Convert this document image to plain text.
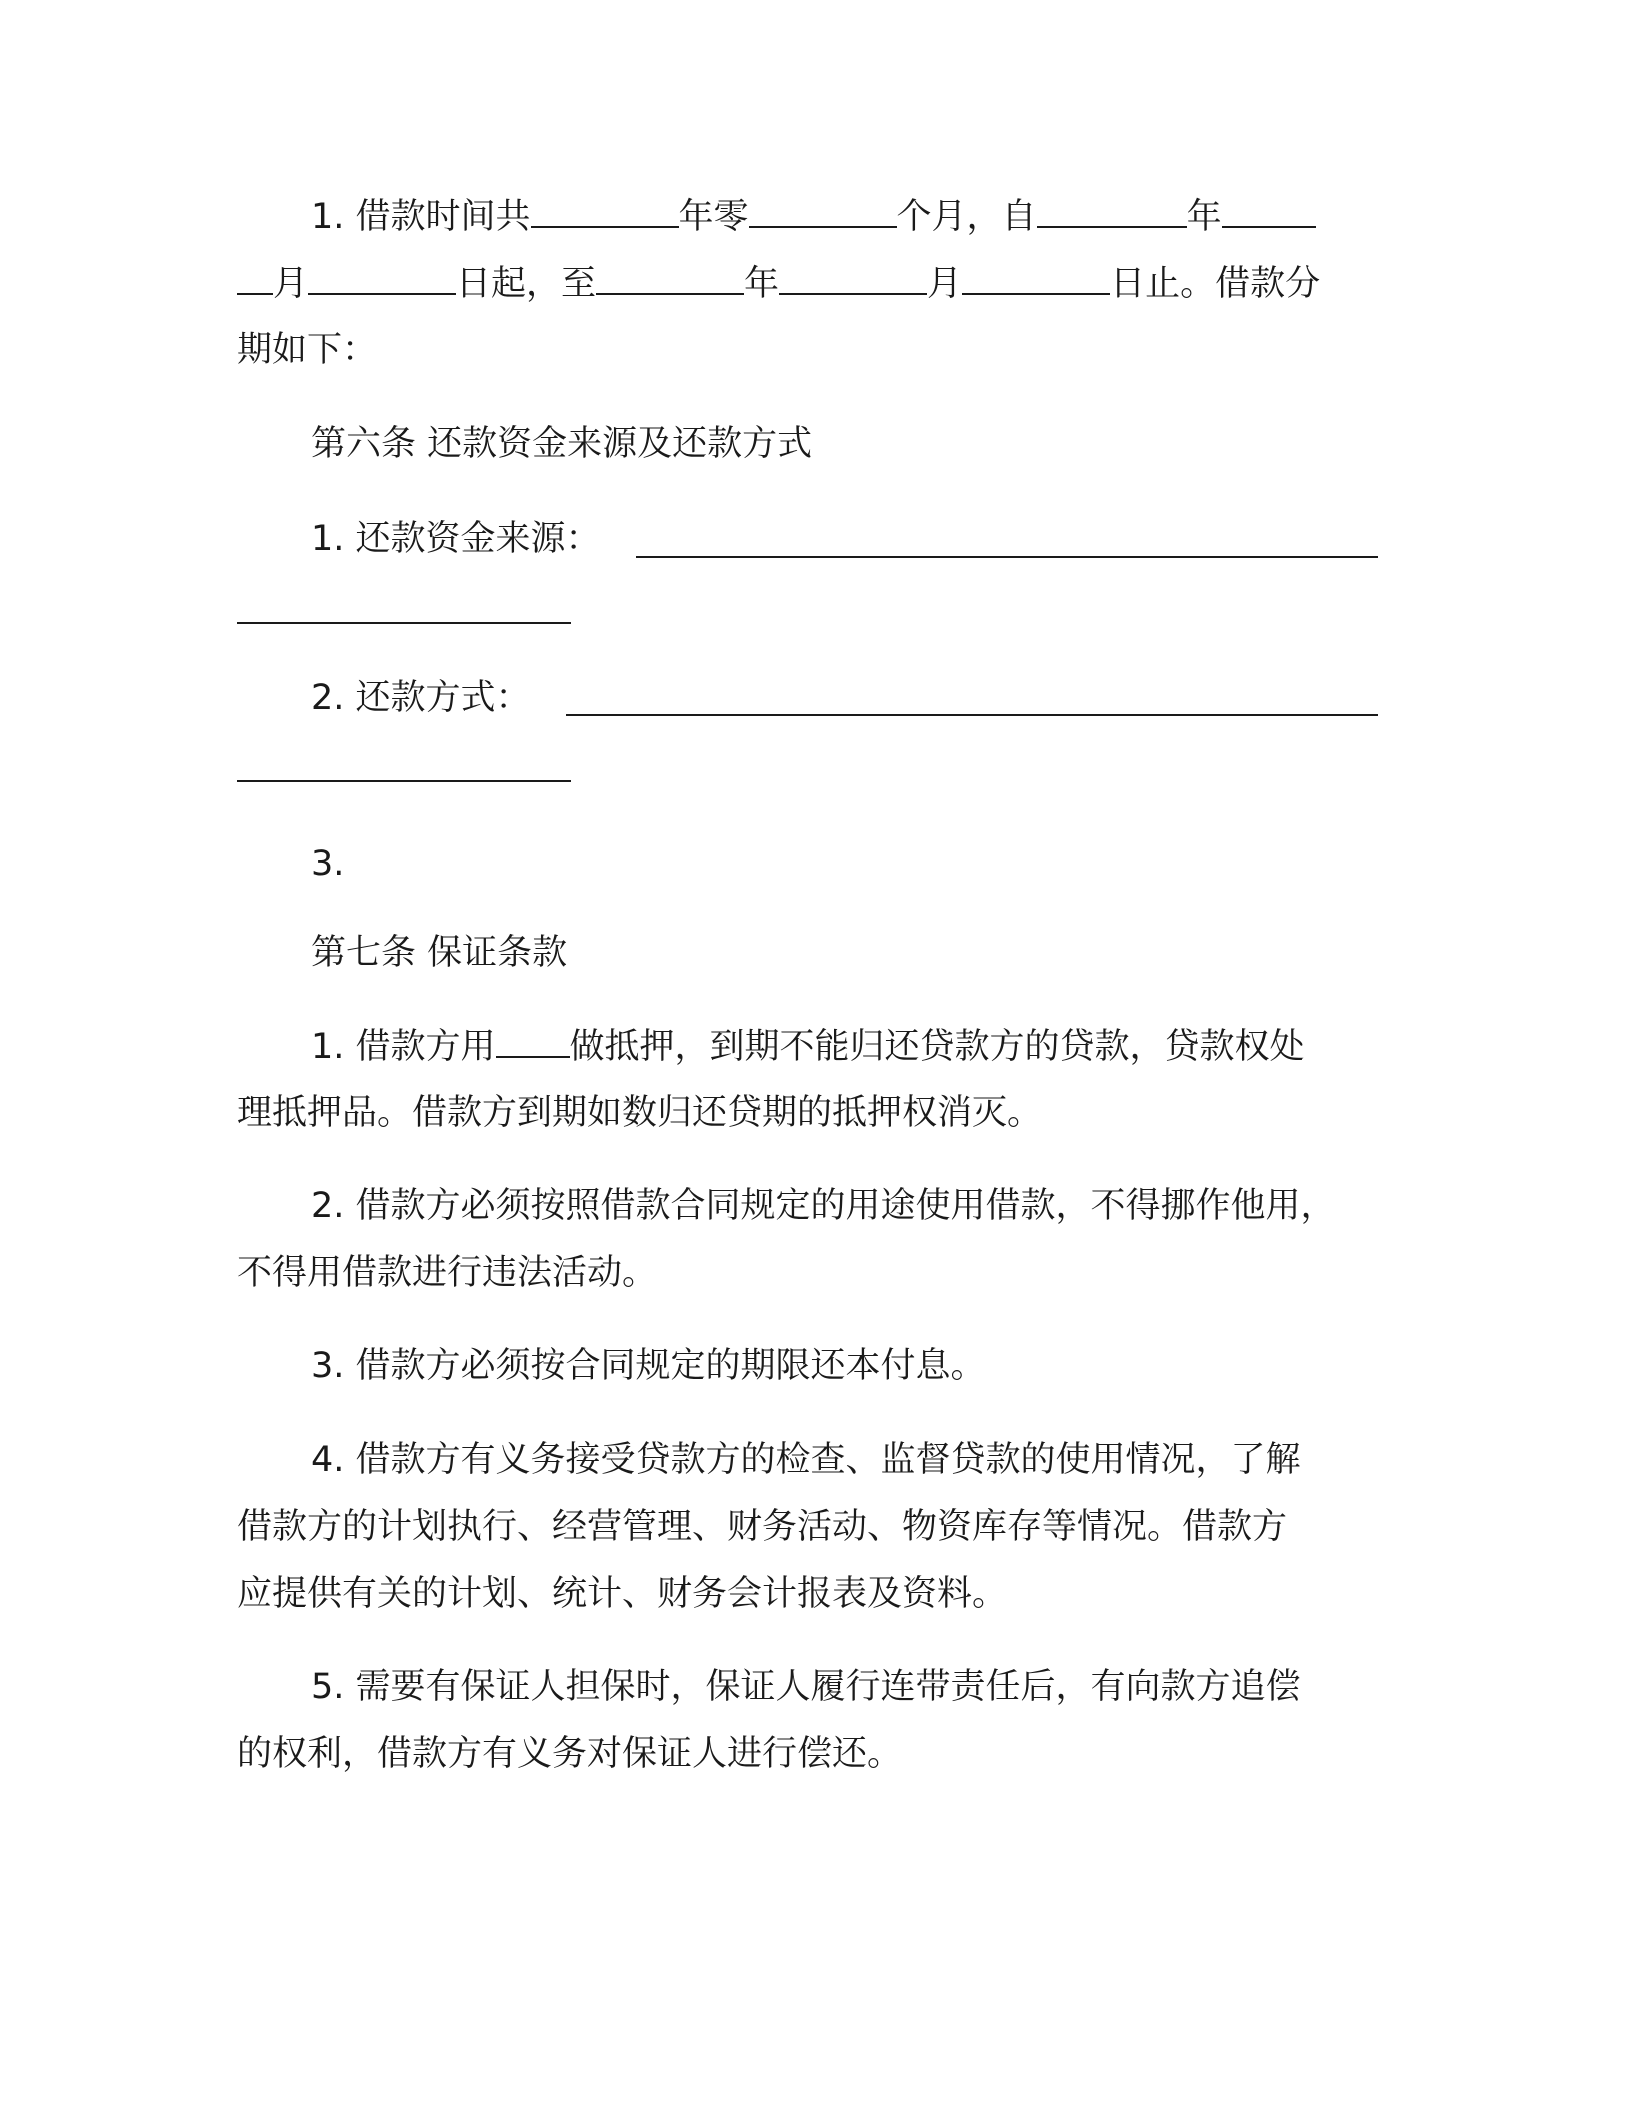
1. 借款时间共	年零	个月，自	年
月	日起，至	年	月	日止。借款分
期如下：
第六条 还款资金来源及还款方式
1. 还款资金来源：
2. 还款方式：
3.
第七条 保证条款
1. 借款方用 做抵押，到期不能归还贷款方的贷款，贷款权处
理抵押品。借款方到期如数归还贷期的抵押权消灭。
2. 借款方必须按照借款合同规定的用途使用借款，不得挪作他用，
不得用借款进行违法活动。
3. 借款方必须按合同规定的期限还本付息。
4. 借款方有义务接受贷款方的检查、监督贷款的使用情况，了解
借款方的计划执行、经营管理、财务活动、物资库存等情况。借款方
应提供有关的计划、统计、财务会计报表及资料。
5. 需要有保证人担保时，保证人履行连带责任后，有向款方追偿
的权利，借款方有义务对保证人进行偿还。
